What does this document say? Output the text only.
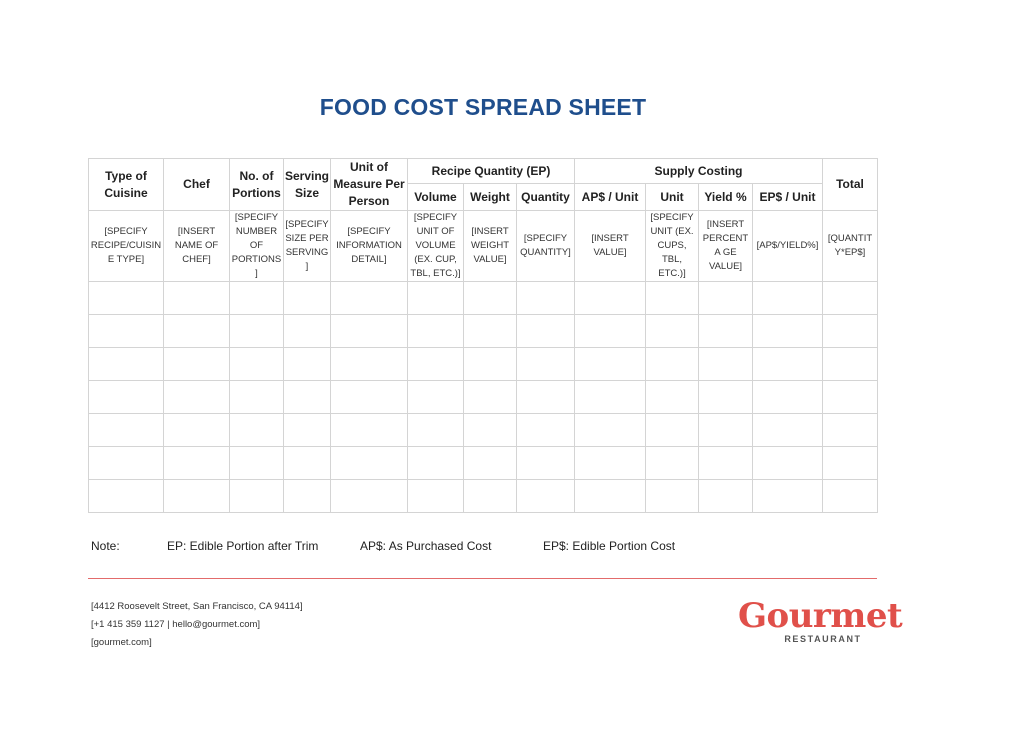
FOOD COST SPREAD SHEET
Type of Cuisine	Chef	No. of Portions	Serving Size	Unit of Measure Per Person	Recipe Quantity (EP)			Supply Costing				Total
					Volume	Weight	Quantity	AP$ / Unit	Unit	Yield %	EP$ / Unit	
[SPECIFY RECIPE/CUISINE TYPE]	[INSERT NAME OF CHEF]	[SPECIFY NUMBER OF PORTIONS ]	[SPECIFY SIZE PER SERVING ]	[SPECIFY INFORMATION DETAIL]	[SPECIFY UNIT OF VOLUME (EX. CUP, TBL, ETC.)]	[INSERT WEIGHT VALUE]	[SPECIFY QUANTITY]	[INSERT VALUE]	[SPECIFY UNIT (EX. CUPS, TBL, ETC.)]	[INSERT PERCENTA GE VALUE]	[AP$/YIELD%]	[QUANTIT Y*EP$]

Note:	EP: Edible Portion after Trim	AP$: As Purchased Cost	EP$: Edible Portion Cost
[4412 Roosevelt Street, San Francisco, CA 94114]
[+1 415 359 1127 | hello@gourmet.com]
[gourmet.com]
Gourmet
RESTAURANT
